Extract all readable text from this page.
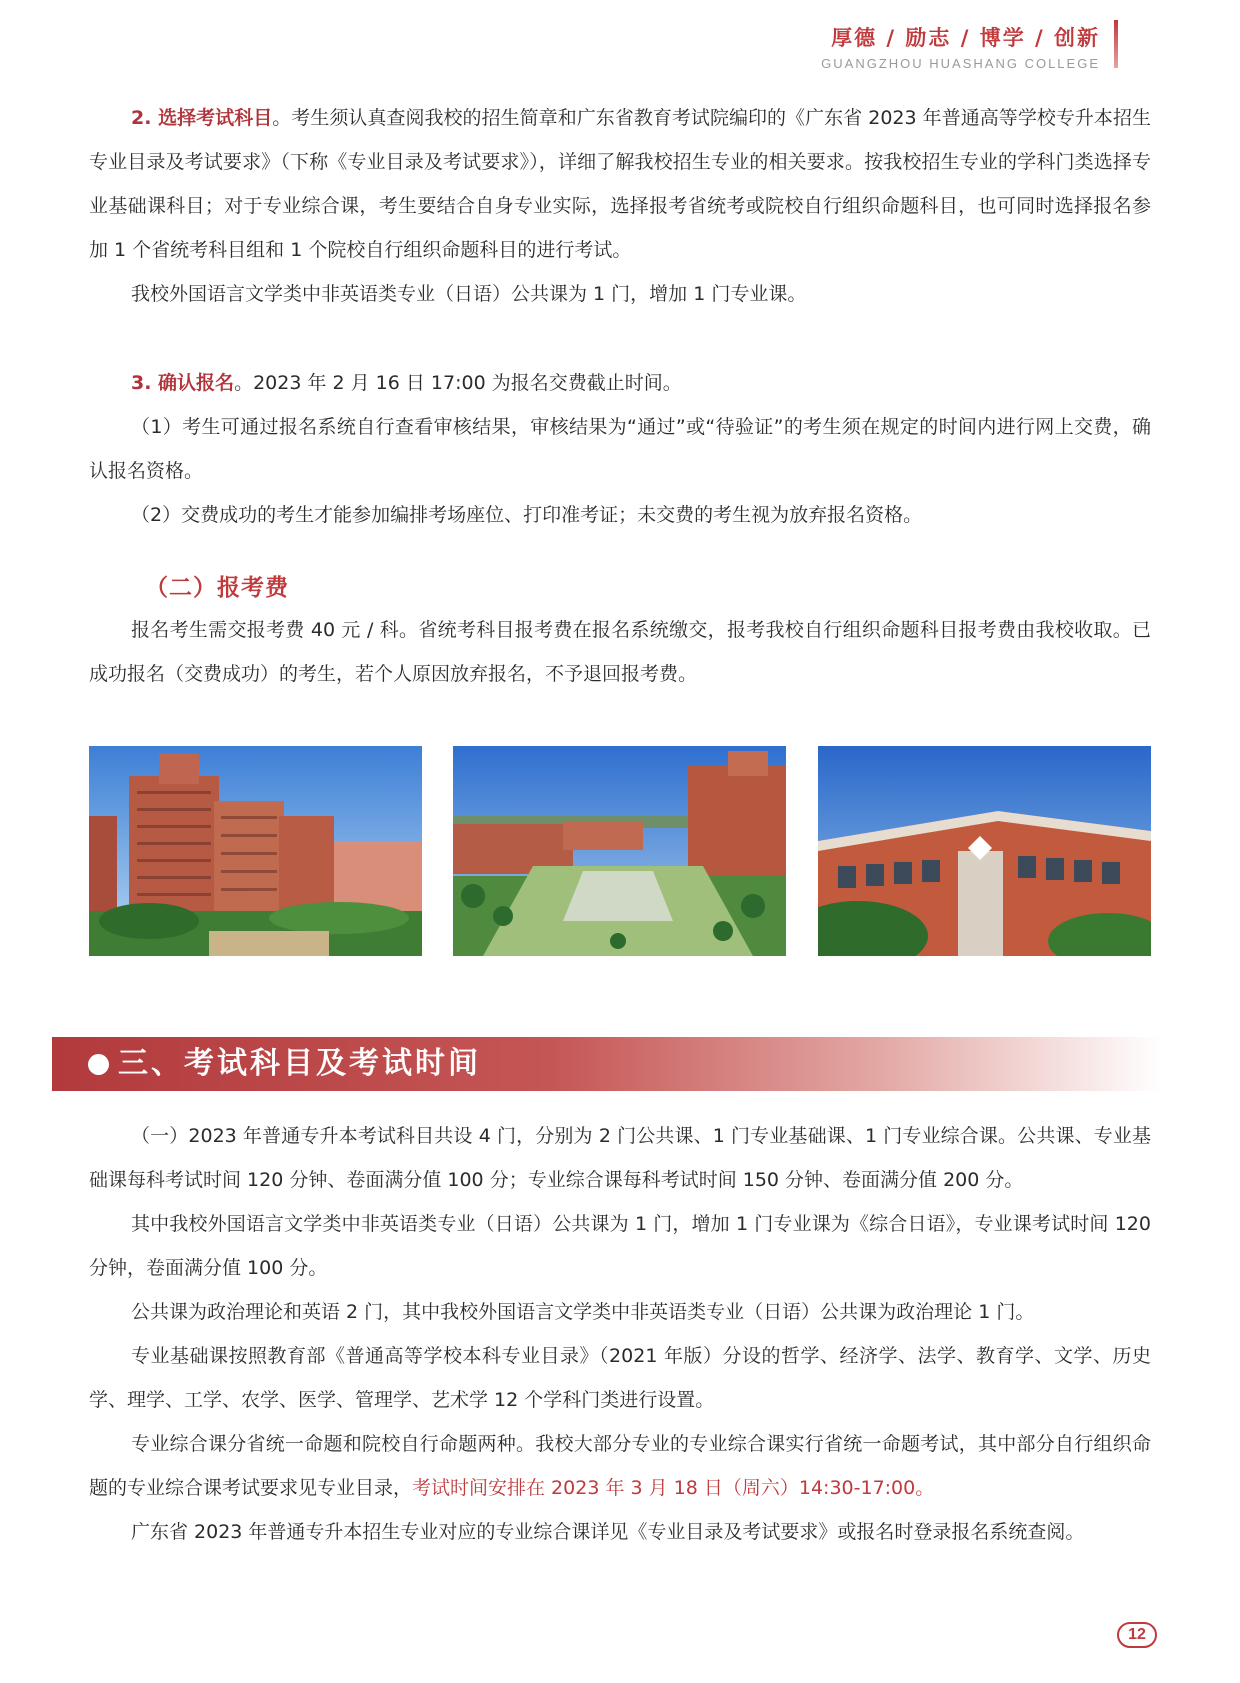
厚德 / 励志 / 博学 / 创新
GUANGZHOU HUASHANG COLLEGE

2. 选择考试科目。考生须认真查阅我校的招生简章和广东省教育考试院编印的《广东省 2023 年普通高等学校专升本招生专业目录及考试要求》（下称《专业目录及考试要求》），详细了解我校招生专业的相关要求。按我校招生专业的学科门类选择专业基础课科目；对于专业综合课，考生要结合自身专业实际，选择报考省统考或院校自行组织命题科目，也可同时选择报名参加 1 个省统考科目组和 1 个院校自行组织命题科目的进行考试。

我校外国语言文学类中非英语类专业（日语）公共课为 1 门，增加 1 门专业课。

3. 确认报名。2023 年 2 月 16 日 17:00 为报名交费截止时间。

（1）考生可通过报名系统自行查看审核结果，审核结果为“通过”或“待验证”的考生须在规定的时间内进行网上交费，确认报名资格。

（2）交费成功的考生才能参加编排考场座位、打印准考证；未交费的考生视为放弃报名资格。

（二）报考费

报名考生需交报考费 40 元 / 科。省统考科目报考费在报名系统缴交，报考我校自行组织命题科目报考费由我校收取。已成功报名（交费成功）的考生，若个人原因放弃报名，不予退回报考费。

三、考试科目及考试时间

（一）2023 年普通专升本考试科目共设 4 门，分别为 2 门公共课、1 门专业基础课、1 门专业综合课。公共课、专业基础课每科考试时间 120 分钟、卷面满分值 100 分；专业综合课每科考试时间 150 分钟、卷面满分值 200 分。

其中我校外国语言文学类中非英语类专业（日语）公共课为 1 门，增加 1 门专业课为《综合日语》，专业课考试时间 120 分钟，卷面满分值 100 分。

公共课为政治理论和英语 2 门，其中我校外国语言文学类中非英语类专业（日语）公共课为政治理论 1 门。

专业基础课按照教育部《普通高等学校本科专业目录》（2021 年版）分设的哲学、经济学、法学、教育学、文学、历史学、理学、工学、农学、医学、管理学、艺术学 12 个学科门类进行设置。

专业综合课分省统一命题和院校自行命题两种。我校大部分专业的专业综合课实行省统一命题考试，其中部分自行组织命题的专业综合课考试要求见专业目录，考试时间安排在 2023 年 3 月 18 日（周六）14:30-17:00。

广东省 2023 年普通专升本招生专业对应的专业综合课详见《专业目录及考试要求》或报名时登录报名系统查阅。

12
